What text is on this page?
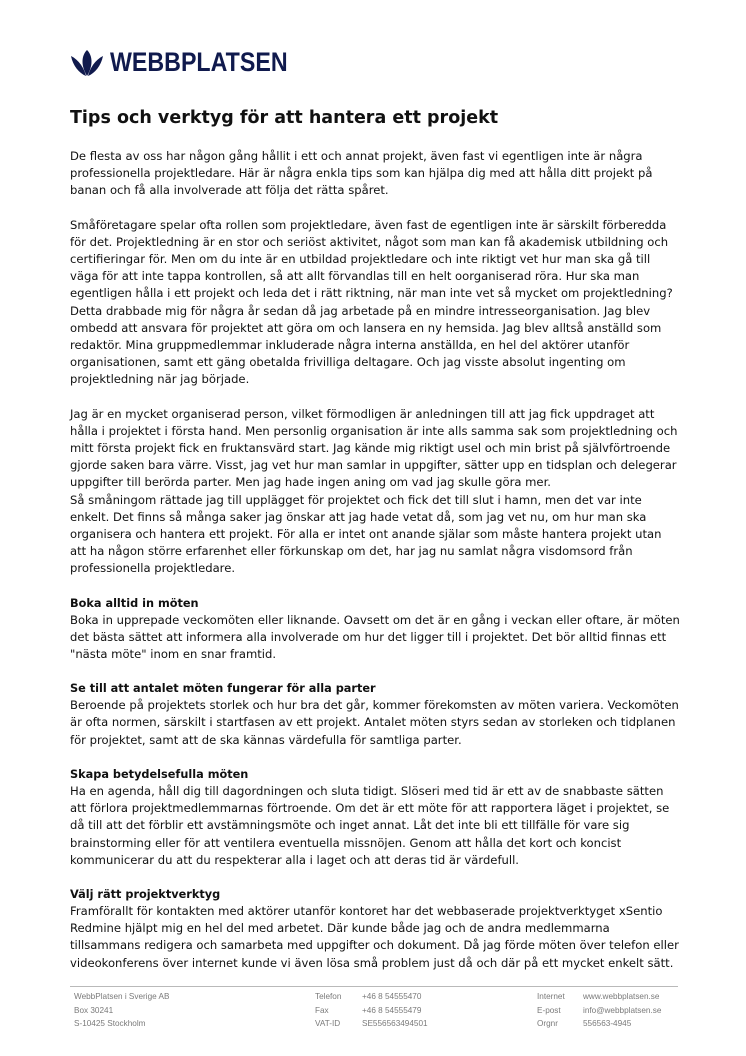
WEBBPLATSEN
Tips och verktyg för att hantera ett projekt

De flesta av oss har någon gång hållit i ett och annat projekt, även fast vi egentligen inte är några professionella projektledare. Här är några enkla tips som kan hjälpa dig med att hålla ditt projekt på banan och få alla involverade att följa det rätta spåret.

Småföretagare spelar ofta rollen som projektledare, även fast de egentligen inte är särskilt förberedda för det. Projektledning är en stor och seriöst aktivitet, något som man kan få akademisk utbildning och certifieringar för. Men om du inte är en utbildad projektledare och inte riktigt vet hur man ska gå till väga för att inte tappa kontrollen, så att allt förvandlas till en helt oorganiserad röra. Hur ska man egentligen hålla i ett projekt och leda det i rätt riktning, när man inte vet så mycket om projektledning? Detta drabbade mig för några år sedan då jag arbetade på en mindre intresseorganisation. Jag blev ombedd att ansvara för projektet att göra om och lansera en ny hemsida. Jag blev alltså anställd som redaktör. Mina gruppmedlemmar inkluderade några interna anställda, en hel del aktörer utanför organisationen, samt ett gäng obetalda frivilliga deltagare. Och jag visste absolut ingenting om projektledning när jag började.

Jag är en mycket organiserad person, vilket förmodligen är anledningen till att jag fick uppdraget att hålla i projektet i första hand. Men personlig organisation är inte alls samma sak som projektledning och mitt första projekt fick en fruktansvärd start. Jag kände mig riktigt usel och min brist på självförtroende gjorde saken bara värre. Visst, jag vet hur man samlar in uppgifter, sätter upp en tidsplan och delegerar uppgifter till berörda parter. Men jag hade ingen aning om vad jag skulle göra mer.

Så småningom rättade jag till upplägget för projektet och fick det till slut i hamn, men det var inte enkelt. Det finns så många saker jag önskar att jag hade vetat då, som jag vet nu, om hur man ska organisera och hantera ett projekt. För alla er intet ont anande själar som måste hantera projekt utan att ha någon större erfarenhet eller förkunskap om det, har jag nu samlat några visdomsord från professionella projektledare.

Boka alltid in möten

Boka in upprepade veckomöten eller liknande. Oavsett om det är en gång i veckan eller oftare, är möten det bästa sättet att informera alla involverade om hur det ligger till i projektet. Det bör alltid finnas ett "nästa möte" inom en snar framtid.

Se till att antalet möten fungerar för alla parter

Beroende på projektets storlek och hur bra det går, kommer förekomsten av möten variera. Veckomöten är ofta normen, särskilt i startfasen av ett projekt. Antalet möten styrs sedan av storleken och tidplanen för projektet, samt att de ska kännas värdefulla för samtliga parter.

Skapa betydelsefulla möten

Ha en agenda, håll dig till dagordningen och sluta tidigt. Slöseri med tid är ett av de snabbaste sätten att förlora projektmedlemmarnas förtroende. Om det är ett möte för att rapportera läget i projektet, se då till att det förblir ett avstämningsmöte och inget annat. Låt det inte bli ett tillfälle för vare sig brainstorming eller för att ventilera eventuella missnöjen. Genom att hålla det kort och koncist kommunicerar du att du respekterar alla i laget och att deras tid är värdefull.

Välj rätt projektverktyg

Framförallt för kontakten med aktörer utanför kontoret har det webbaserade projektverktyget xSentio Redmine hjälpt mig en hel del med arbetet. Där kunde både jag och de andra medlemmarna tillsammans redigera och samarbeta med uppgifter och dokument. Då jag förde möten över telefon eller videokonferens över internet kunde vi även lösa små problem just då och där på ett mycket enkelt sätt.

WebbPlatsen i Sverige AB
Box 30241
S-10425 Stockholm
Telefon
Fax
VAT-ID
+46 8 54555470
+46 8 54555479
SE556563494501
Internet
E-post
Orgnr
www.webbplatsen.se
info@webbplatsen.se
556563-4945
